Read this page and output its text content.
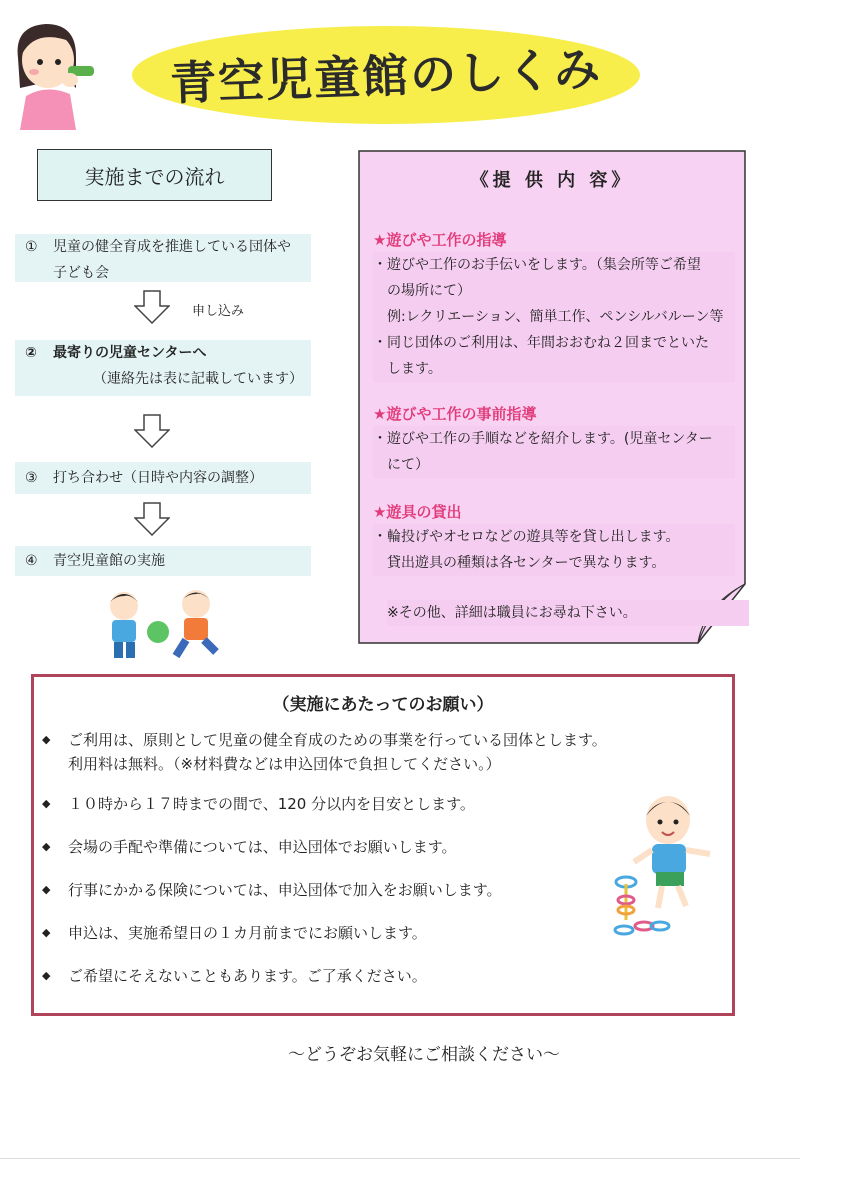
青空児童館のしくみ
実施までの流れ
① 児童の健全育成を推進している団体や
子ども会
申し込み
② 最寄りの児童センターへ
（連絡先は表に記載しています）
③ 打ち合わせ（日時や内容の調整）
④ 青空児童館の実施
《提 供 内 容》
★遊びや工作の指導
・遊びや工作のお手伝いをします。（集会所等ご希望
の場所にて）
例:レクリエーション、簡単工作、ペンシルバルーン等
・同じ団体のご利用は、年間おおむね２回までといた
します。
★遊びや工作の事前指導
・遊びや工作の手順などを紹介します。(児童センター
にて）
★遊具の貸出
・輪投げやオセロなどの遊具等を貸し出します。
貸出遊具の種類は各センターで異なります。
※その他、詳細は職員にお尋ね下さい。
（実施にあたってのお願い）
◆ ご利用は、原則として児童の健全育成のための事業を行っている団体とします。
利用料は無料。（※材料費などは申込団体で負担してください。）
◆ １０時から１７時までの間で、120 分以内を目安とします。
◆ 会場の手配や準備については、申込団体でお願いします。
◆ 行事にかかる保険については、申込団体で加入をお願いします。
◆ 申込は、実施希望日の１カ月前までにお願いします。
◆ ご希望にそえないこともあります。ご了承ください。
～どうぞお気軽にご相談ください～
